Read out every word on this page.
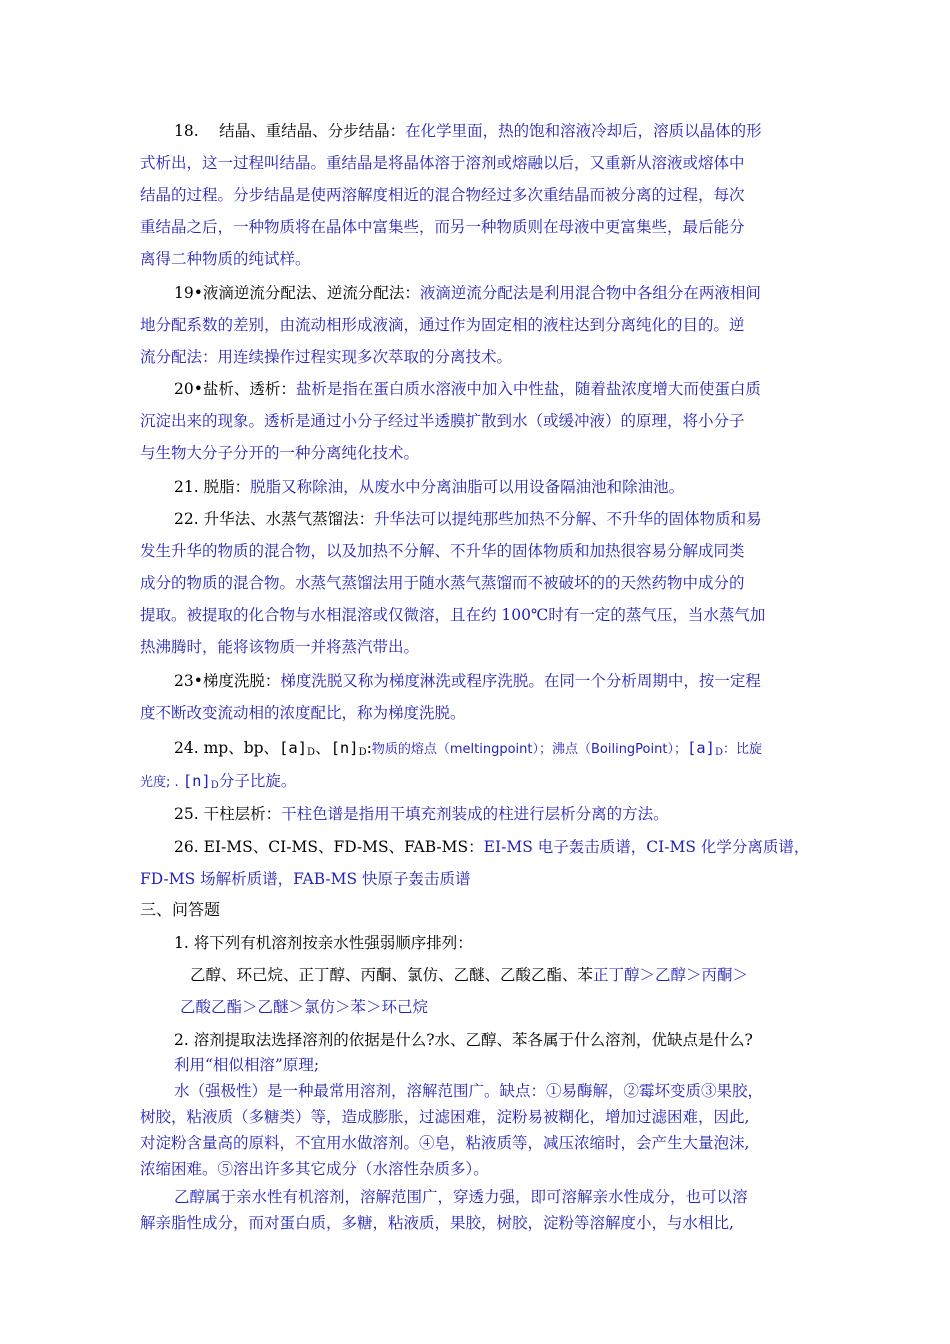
18.　 结晶、重结晶、分步结晶：在化学里面，热的饱和溶液冷却后，溶质以晶体的形
式析出，这一过程叫结晶。重结晶是将晶体溶于溶剂或熔融以后，又重新从溶液或熔体中
结晶的过程。分步结晶是使两溶解度相近的混合物经过多次重结晶而被分离的过程，每次
重结晶之后，一种物质将在晶体中富集些，而另一种物质则在母液中更富集些，最后能分
离得二种物质的纯试样。
19•液滴逆流分配法、逆流分配法：液滴逆流分配法是利用混合物中各组分在两液相间
地分配系数的差别，由流动相形成液滴，通过作为固定相的液柱达到分离纯化的目的。逆
流分配法：用连续操作过程实现多次萃取的分离技术。
20•盐析、透析：盐析是指在蛋白质水溶液中加入中性盐，随着盐浓度增大而使蛋白质
沉淀出来的现象。透析是通过小分子经过半透膜扩散到水（或缓冲液）的原理，将小分子
与生物大分子分开的一种分离纯化技术。
21. 脱脂：脱脂又称除油，从废水中分离油脂可以用设备隔油池和除油池。
22. 升华法、水蒸气蒸馏法：升华法可以提纯那些加热不分解、不升华的固体物质和易
发生升华的物质的混合物，以及加热不分解、不升华的固体物质和加热很容易分解成同类
成分的物质的混合物。水蒸气蒸馏法用于随水蒸气蒸馏而不被破坏的的天然药物中成分的
提取。被提取的化合物与水相混溶或仅微溶，且在约 100℃时有一定的蒸气压，当水蒸气加
热沸腾时，能将该物质一并将蒸汽带出。
23•梯度洗脱：梯度洗脱又称为梯度淋洗或程序洗脱。在同一个分析周期中，按一定程
度不断改变流动相的浓度配比，称为梯度洗脱。
24. mp、bp、$[a]_D$、$[n]_D$:物质的熔点（meltingpoint）；沸点（BoilingPoint）；$[a]_D$：比旋
光度; . $[n]_D$分子比旋。
25. 干柱层析：干柱色谱是指用干填充剂装成的柱进行层析分离的方法。
26. EI-MS、CI-MS、FD-MS、FAB-MS：EI-MS 电子轰击质谱，CI-MS 化学分离质谱，
FD-MS 场解析质谱，FAB-MS 快原子轰击质谱
三、问答题
1. 将下列有机溶剂按亲水性强弱顺序排列：
乙醇、环己烷、正丁醇、丙酮、氯仿、乙醚、乙酸乙酯、苯正丁醇＞乙醇＞丙酮＞
乙酸乙酯＞乙醚＞氯仿＞苯＞环己烷
2. 溶剂提取法选择溶剂的依据是什么?水、乙醇、苯各属于什么溶剂，优缺点是什么?
利用“相似相溶”原理;
水（强极性）是一种最常用溶剂，溶解范围广。缺点：①易酶解，②霉坏变质③果胶，
树胶，粘液质（多糖类）等，造成膨胀，过滤困难，淀粉易被糊化，增加过滤困难，因此,
对淀粉含量高的原料，不宜用水做溶剂。④皂，粘液质等，减压浓缩时，会产生大量泡沫,
浓缩困难。⑤溶出许多其它成分（水溶性杂质多）。
乙醇属于亲水性有机溶剂，溶解范围广，穿透力强，即可溶解亲水性成分，也可以溶
解亲脂性成分，而对蛋白质，多糖，粘液质，果胶，树胶，淀粉等溶解度小，与水相比,
